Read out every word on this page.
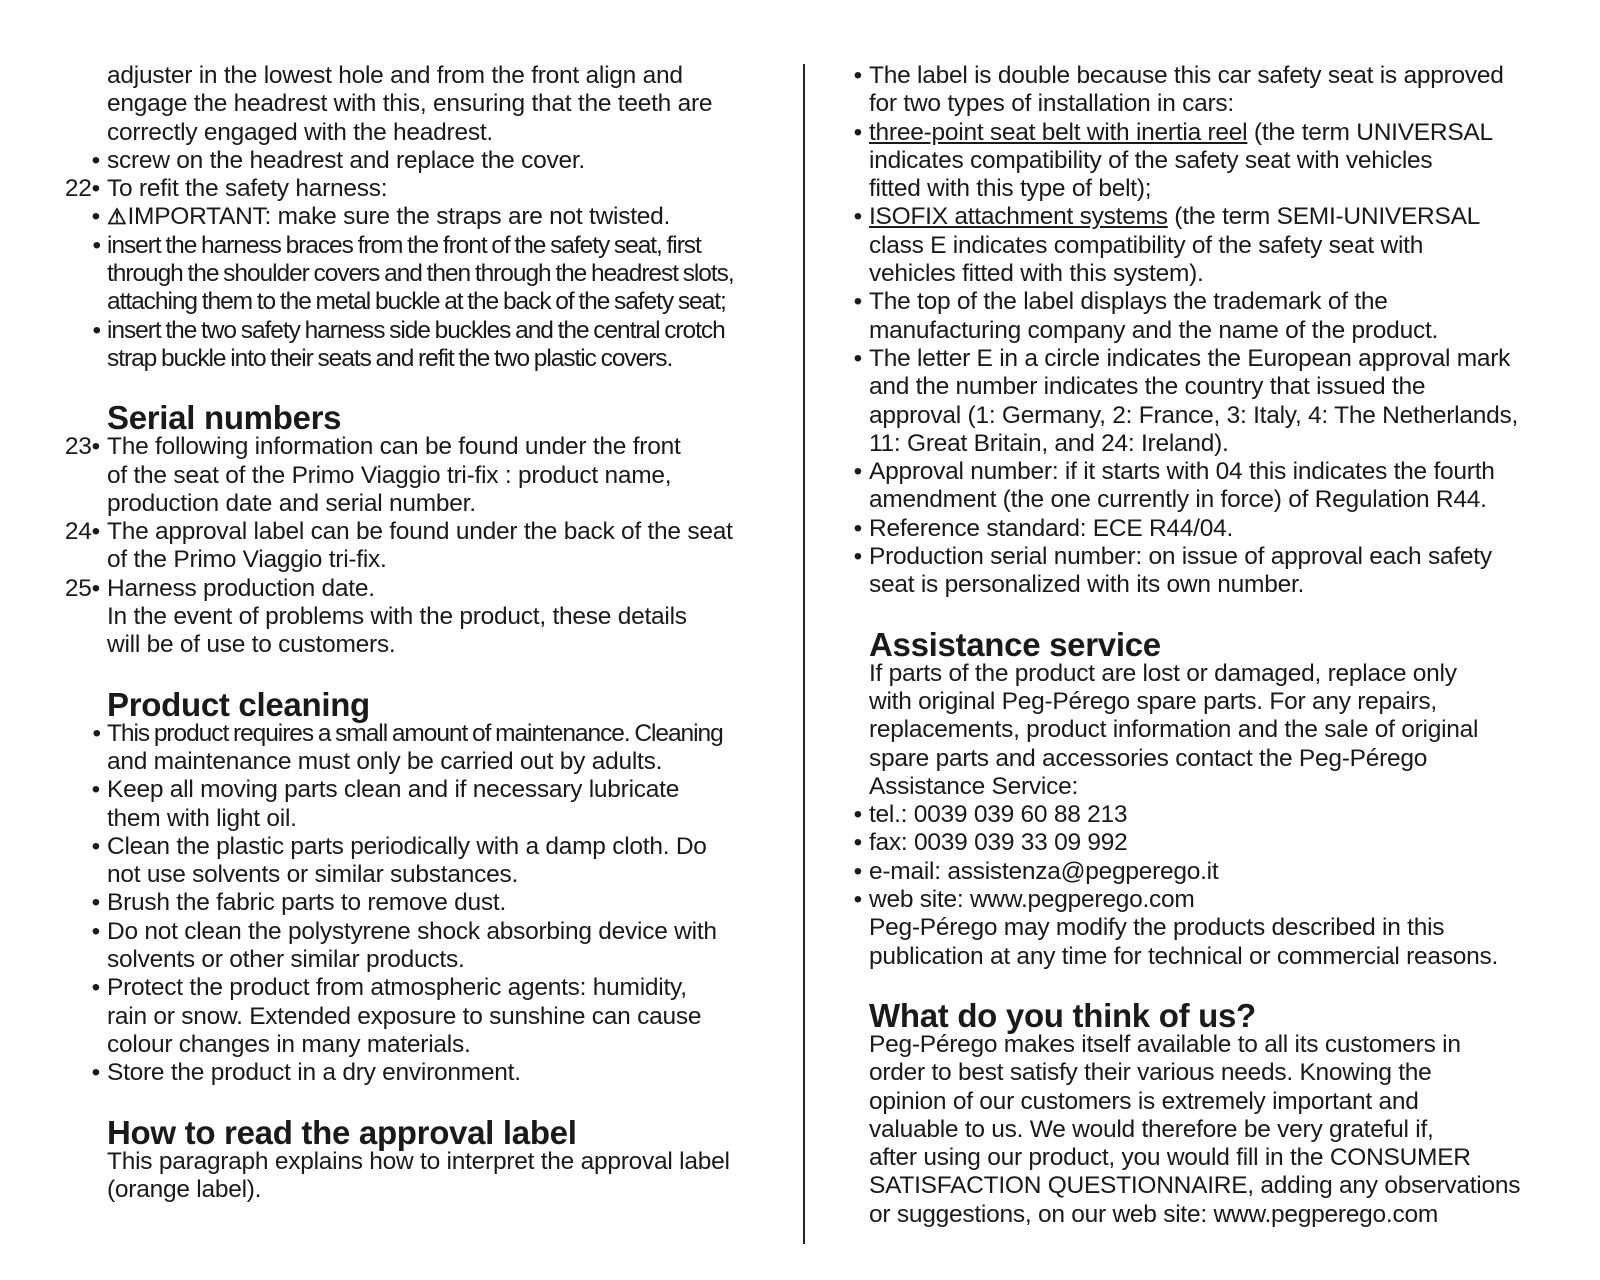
adjuster in the lowest hole and from the front align and
engage the headrest with this, ensuring that the teeth are
correctly engaged with the headrest.
• screw on the headrest and replace the cover.
22• To refit the safety harness:
• ⚠IMPORTANT: make sure the straps are not twisted.
• insert the harness braces from the front of the safety seat, first
through the shoulder covers and then through the headrest slots,
attaching them to the metal buckle at the back of the safety seat;
• insert the two safety harness side buckles and the central crotch
strap buckle into their seats and refit the two plastic covers.
Serial numbers
23• The following information can be found under the front
of the seat of the Primo Viaggio tri-fix : product name,
production date and serial number.
24• The approval label can be found under the back of the seat
of the Primo Viaggio tri-fix.
25• Harness production date.
In the event of problems with the product, these details
will be of use to customers.
Product cleaning
• This product requires a small amount of maintenance. Cleaning
and maintenance must only be carried out by adults.
• Keep all moving parts clean and if necessary lubricate
them with light oil.
• Clean the plastic parts periodically with a damp cloth. Do
not use solvents or similar substances.
• Brush the fabric parts to remove dust.
• Do not clean the polystyrene shock absorbing device with
solvents or other similar products.
• Protect the product from atmospheric agents: humidity,
rain or snow. Extended exposure to sunshine can cause
colour changes in many materials.
• Store the product in a dry environment.
How to read the approval label
This paragraph explains how to interpret the approval label
(orange label).
• The label is double because this car safety seat is approved
for two types of installation in cars:
• three-point seat belt with inertia reel (the term UNIVERSAL
indicates compatibility of the safety seat with vehicles
fitted with this type of belt);
• ISOFIX attachment systems (the term SEMI-UNIVERSAL
class E indicates compatibility of the safety seat with
vehicles fitted with this system).
• The top of the label displays the trademark of the
manufacturing company and the name of the product.
• The letter E in a circle indicates the European approval mark
and the number indicates the country that issued the
approval (1: Germany, 2: France, 3: Italy, 4: The Netherlands,
11: Great Britain, and 24: Ireland).
• Approval number: if it starts with 04 this indicates the fourth
amendment (the one currently in force) of Regulation R44.
• Reference standard: ECE R44/04.
• Production serial number: on issue of approval each safety
seat is personalized with its own number.
Assistance service
If parts of the product are lost or damaged, replace only
with original Peg-Pérego spare parts. For any repairs,
replacements, product information and the sale of original
spare parts and accessories contact the Peg-Pérego
Assistance Service:
• tel.: 0039 039 60 88 213
• fax: 0039 039 33 09 992
• e-mail: assistenza@pegperego.it
• web site: www.pegperego.com
Peg-Pérego may modify the products described in this
publication at any time for technical or commercial reasons.
What do you think of us?
Peg-Pérego makes itself available to all its customers in
order to best satisfy their various needs. Knowing the
opinion of our customers is extremely important and
valuable to us. We would therefore be very grateful if,
after using our product, you would fill in the CONSUMER
SATISFACTION QUESTIONNAIRE, adding any observations
or suggestions, on our web site: www.pegperego.com
